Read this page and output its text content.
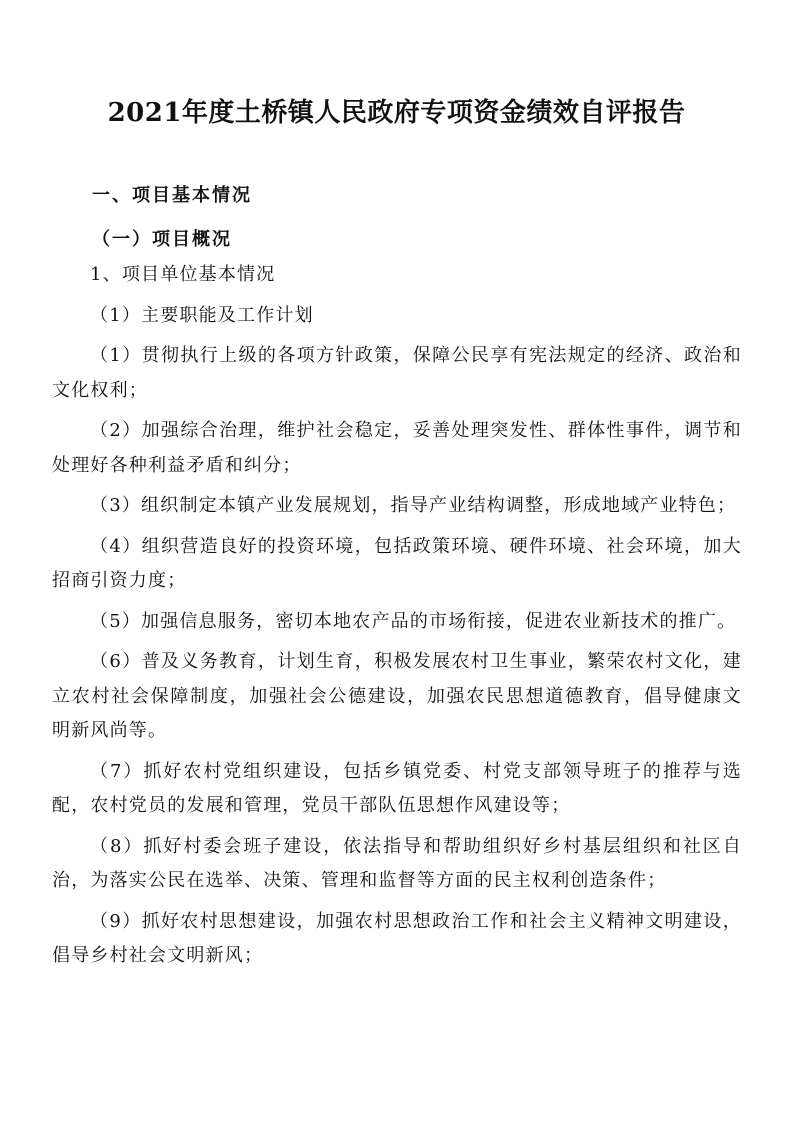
2021年度土桥镇人民政府专项资金绩效自评报告
一、项目基本情况
（一）项目概况

1、项目单位基本情况

（1）主要职能及工作计划

（1）贯彻执行上级的各项方针政策，保障公民享有宪法规定的经济、政治和文化权利；

（2）加强综合治理，维护社会稳定，妥善处理突发性、群体性事件，调节和处理好各种利益矛盾和纠分；

（3）组织制定本镇产业发展规划，指导产业结构调整，形成地域产业特色；

（4）组织营造良好的投资环境，包括政策环境、硬件环境、社会环境，加大招商引资力度；

（5）加强信息服务，密切本地农产品的市场衔接，促进农业新技术的推广。

（6）普及义务教育，计划生育，积极发展农村卫生事业，繁荣农村文化，建立农村社会保障制度，加强社会公德建设，加强农民思想道德教育，倡导健康文明新风尚等。

（7）抓好农村党组织建设，包括乡镇党委、村党支部领导班子的推荐与选配，农村党员的发展和管理，党员干部队伍思想作风建设等；

（8）抓好村委会班子建设，依法指导和帮助组织好乡村基层组织和社区自治，为落实公民在选举、决策、管理和监督等方面的民主权利创造条件；

（9）抓好农村思想建设，加强农村思想政治工作和社会主义精神文明建设，倡导乡村社会文明新风；
